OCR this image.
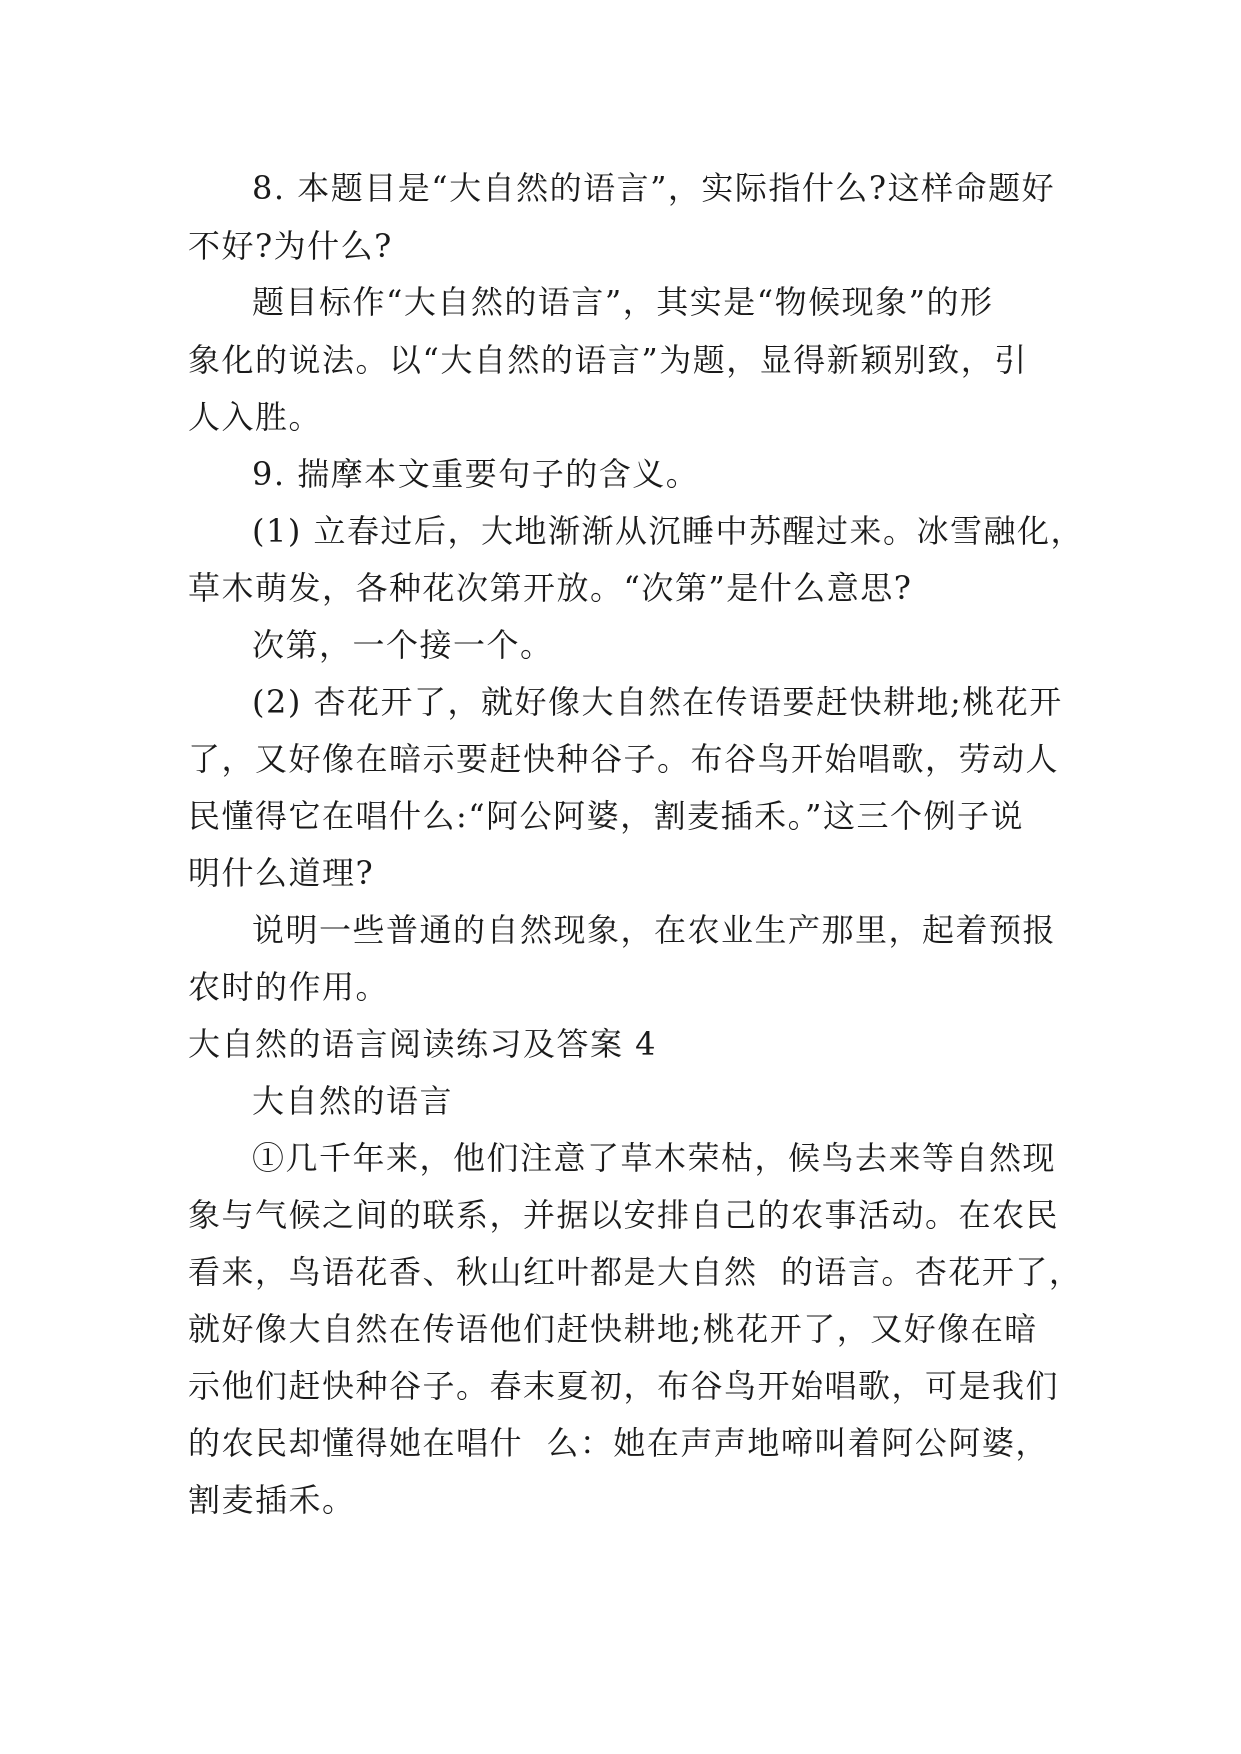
8. 本题目是“大自然的语言”，实际指什么?这样命题好

不好?为什么?

题目标作“大自然的语言”，其实是“物候现象”的形

象化的说法。以“大自然的语言”为题，显得新颖别致，引

人入胜。

9. 揣摩本文重要句子的含义。

(1) 立春过后，大地渐渐从沉睡中苏醒过来。冰雪融化，

草木萌发，各种花次第开放。“次第”是什么意思?

次第，一个接一个。

(2) 杏花开了，就好像大自然在传语要赶快耕地;桃花开

了，又好像在暗示要赶快种谷子。布谷鸟开始唱歌，劳动人

民懂得它在唱什么:“阿公阿婆，割麦插禾。”这三个例子说

明什么道理?

说明一些普通的自然现象，在农业生产那里，起着预报

农时的作用。

大自然的语言阅读练习及答案 4

大自然的语言

①几千年来，他们注意了草木荣枯，候鸟去来等自然现

象与气候之间的联系，并据以安排自己的农事活动。在农民

看来，鸟语花香、秋山红叶都是大自然  的语言。杏花开了，

就好像大自然在传语他们赶快耕地;桃花开了，又好像在暗

示他们赶快种谷子。春末夏初，布谷鸟开始唱歌，可是我们

的农民却懂得她在唱什  么：她在声声地啼叫着阿公阿婆，

割麦插禾。
